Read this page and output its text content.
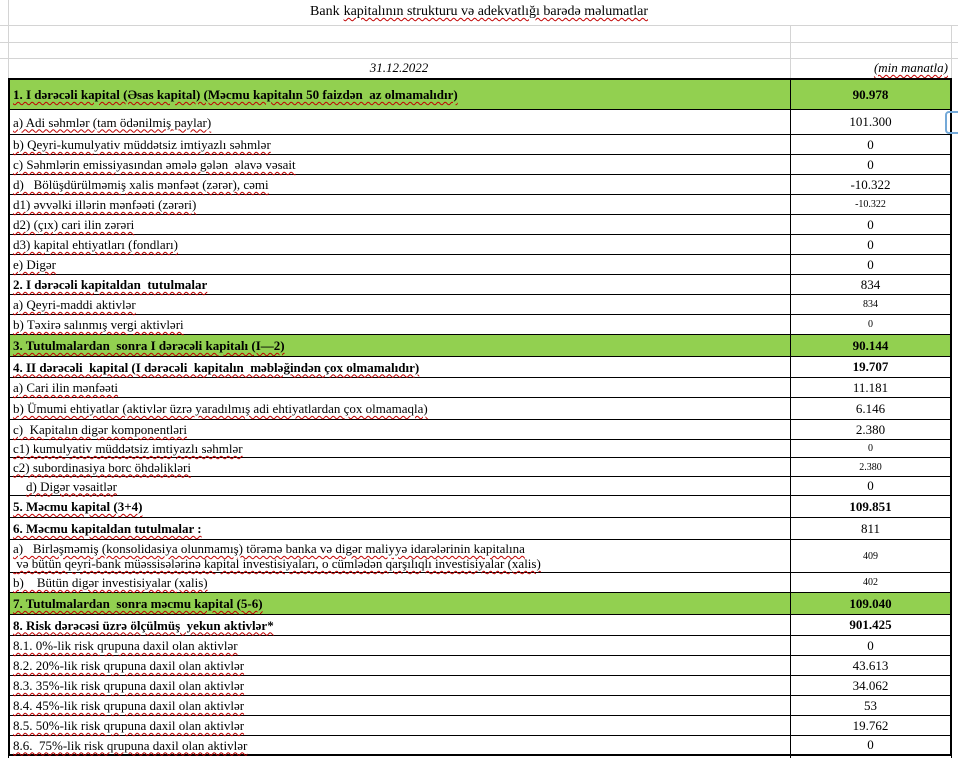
Bank kapitalının strukturu və adekvatlığı barədə məlumatlar
31.12.2022	(min manatla)
1. I dərəcəli kapital (Əsas kapital) (Məcmu kapitalın 50 faizdən  az olmamalıdır)	90.978
a) Adi səhmlər (tam ödənilmiş paylar)	101.300
b) Qeyri-kumulyativ müddətsiz imtiyazlı səhmlər	0
c) Səhmlərin emissiyasından əmələ gələn  əlavə vəsait	0
d)   Bölüşdürülməmiş xalis mənfəət (zərər), cəmi	-10.322
d1) əvvəlki illərin mənfəəti (zərəri)	-10.322
d2) (çıx) cari ilin zərəri	0
d3) kapital ehtiyatları (fondları)	0
e) Digər	0
2. I dərəcəli kapitaldan  tutulmalar	834
a) Qeyri-maddi aktivlər	834
b) Təxirə salınmış vergi aktivləri	0
3. Tutulmalardan  sonra I dərəcəli kapitalı (I—2)	90.144
4. II dərəcəli  kapital (I dərəcəli  kapitalın  məbləğindən çox olmamalıdır)	19.707
a) Cari ilin mənfəəti	11.181
b) Ümumi ehtiyatlar (aktivlər üzrə yaradılmış adi ehtiyatlardan çox olmamaqla)	6.146
c)  Kapitalın digər komponentləri	2.380
c1) kumulyativ müddətsiz imtiyazlı səhmlər	0
c2) subordinasiya borc öhdəlikləri	2.380
d) Digər vəsaitlər	0
5. Məcmu kapital (3+4)	109.851
6. Məcmu kapitaldan tutulmalar :	811
a)   Birləşməmiş (konsolidasiya olunmamış) törəmə banka və digər maliyyə idarələrinin kapitalına
və bütün qeyri-bank müəssisələrinə kapital investisiyaları, o cümlədən qarşılıqlı investisiyalar (xalis)	409
b)    Bütün digər investisiyalar (xalis)	402
7. Tutulmalardan  sonra məcmu kapital (5-6)	109.040
8. Risk dərəcəsi üzrə ölçülmüş  yekun aktivlər*	901.425
8.1. 0%-lik risk qrupuna daxil olan aktivlər	0
8.2. 20%-lik risk qrupuna daxil olan aktivlər	43.613
8.3. 35%-lik risk qrupuna daxil olan aktivlər	34.062
8.4. 45%-lik risk qrupuna daxil olan aktivlər	53
8.5. 50%-lik risk qrupuna daxil olan aktivlər	19.762
8.6.  75%-lik risk qrupuna daxil olan aktivlər	0
